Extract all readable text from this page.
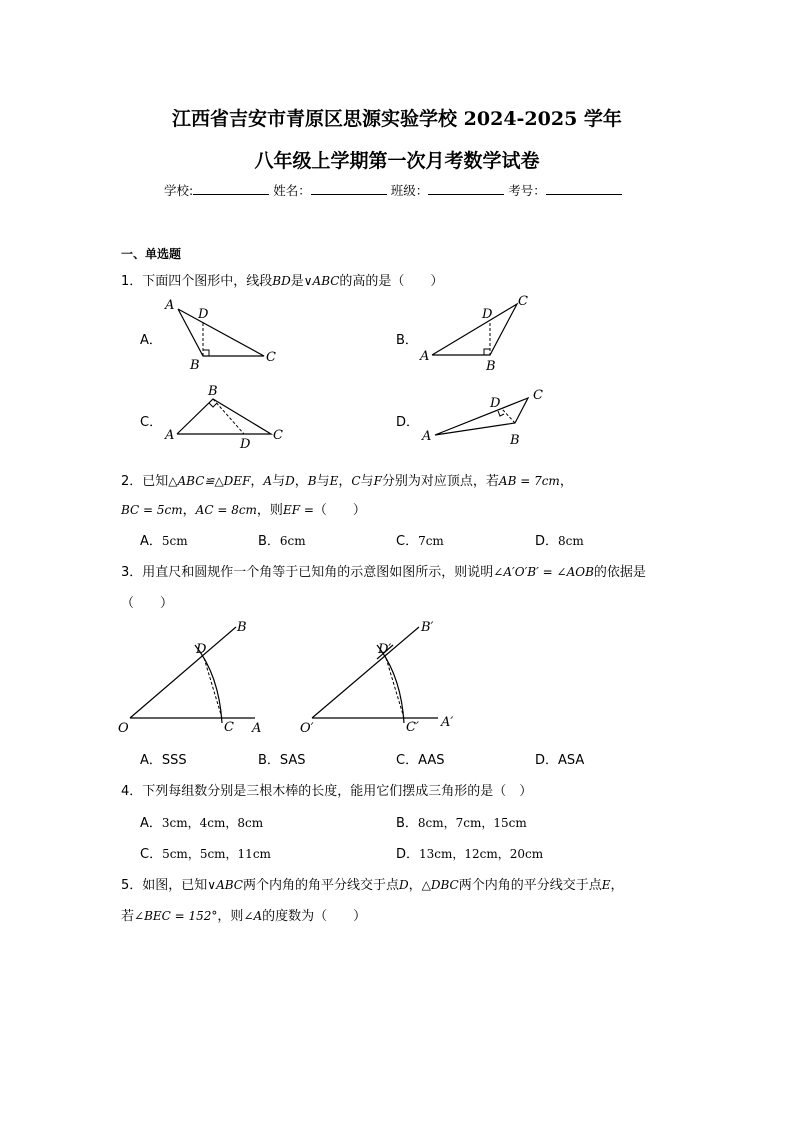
江西省吉安市青原区思源实验学校 2024-2025 学年
八年级上学期第一次月考数学试卷
学校:	姓名：	班级：	考号：
一、单选题
1．下面四个图形中，线段BD是∨ABC的高的是（　　）
A．	B．
C．	D．
A
D
B
C	A
D
B
C
A
B
D
C	A
D
B
C
2．已知△ABC≌△DEF，A与D，B与E，C与F分别为对应顶点，若AB = 7cm，
BC = 5cm，AC = 8cm，则EF =（　　）
A．5cm	B．6cm	C．7cm	D．8cm
3．用直尺和圆规作一个角等于已知角的示意图如图所示，则说明∠A′O′B′ = ∠AOB的依据是
（　　）
O	A
B
C
D
O′	A′
B′
C′
D′
A．SSS	B．SAS	C．AAS	D．ASA
4．下列每组数分别是三根木棒的长度，能用它们摆成三角形的是（　）
A．3cm，4cm，8cm	B．8cm，7cm，15cm
C．5cm，5cm，11cm	D．13cm，12cm，20cm
5．如图，已知∨ABC两个内角的角平分线交于点D，△DBC两个内角的平分线交于点E，
若∠BEC = 152°，则∠A的度数为（　　）
